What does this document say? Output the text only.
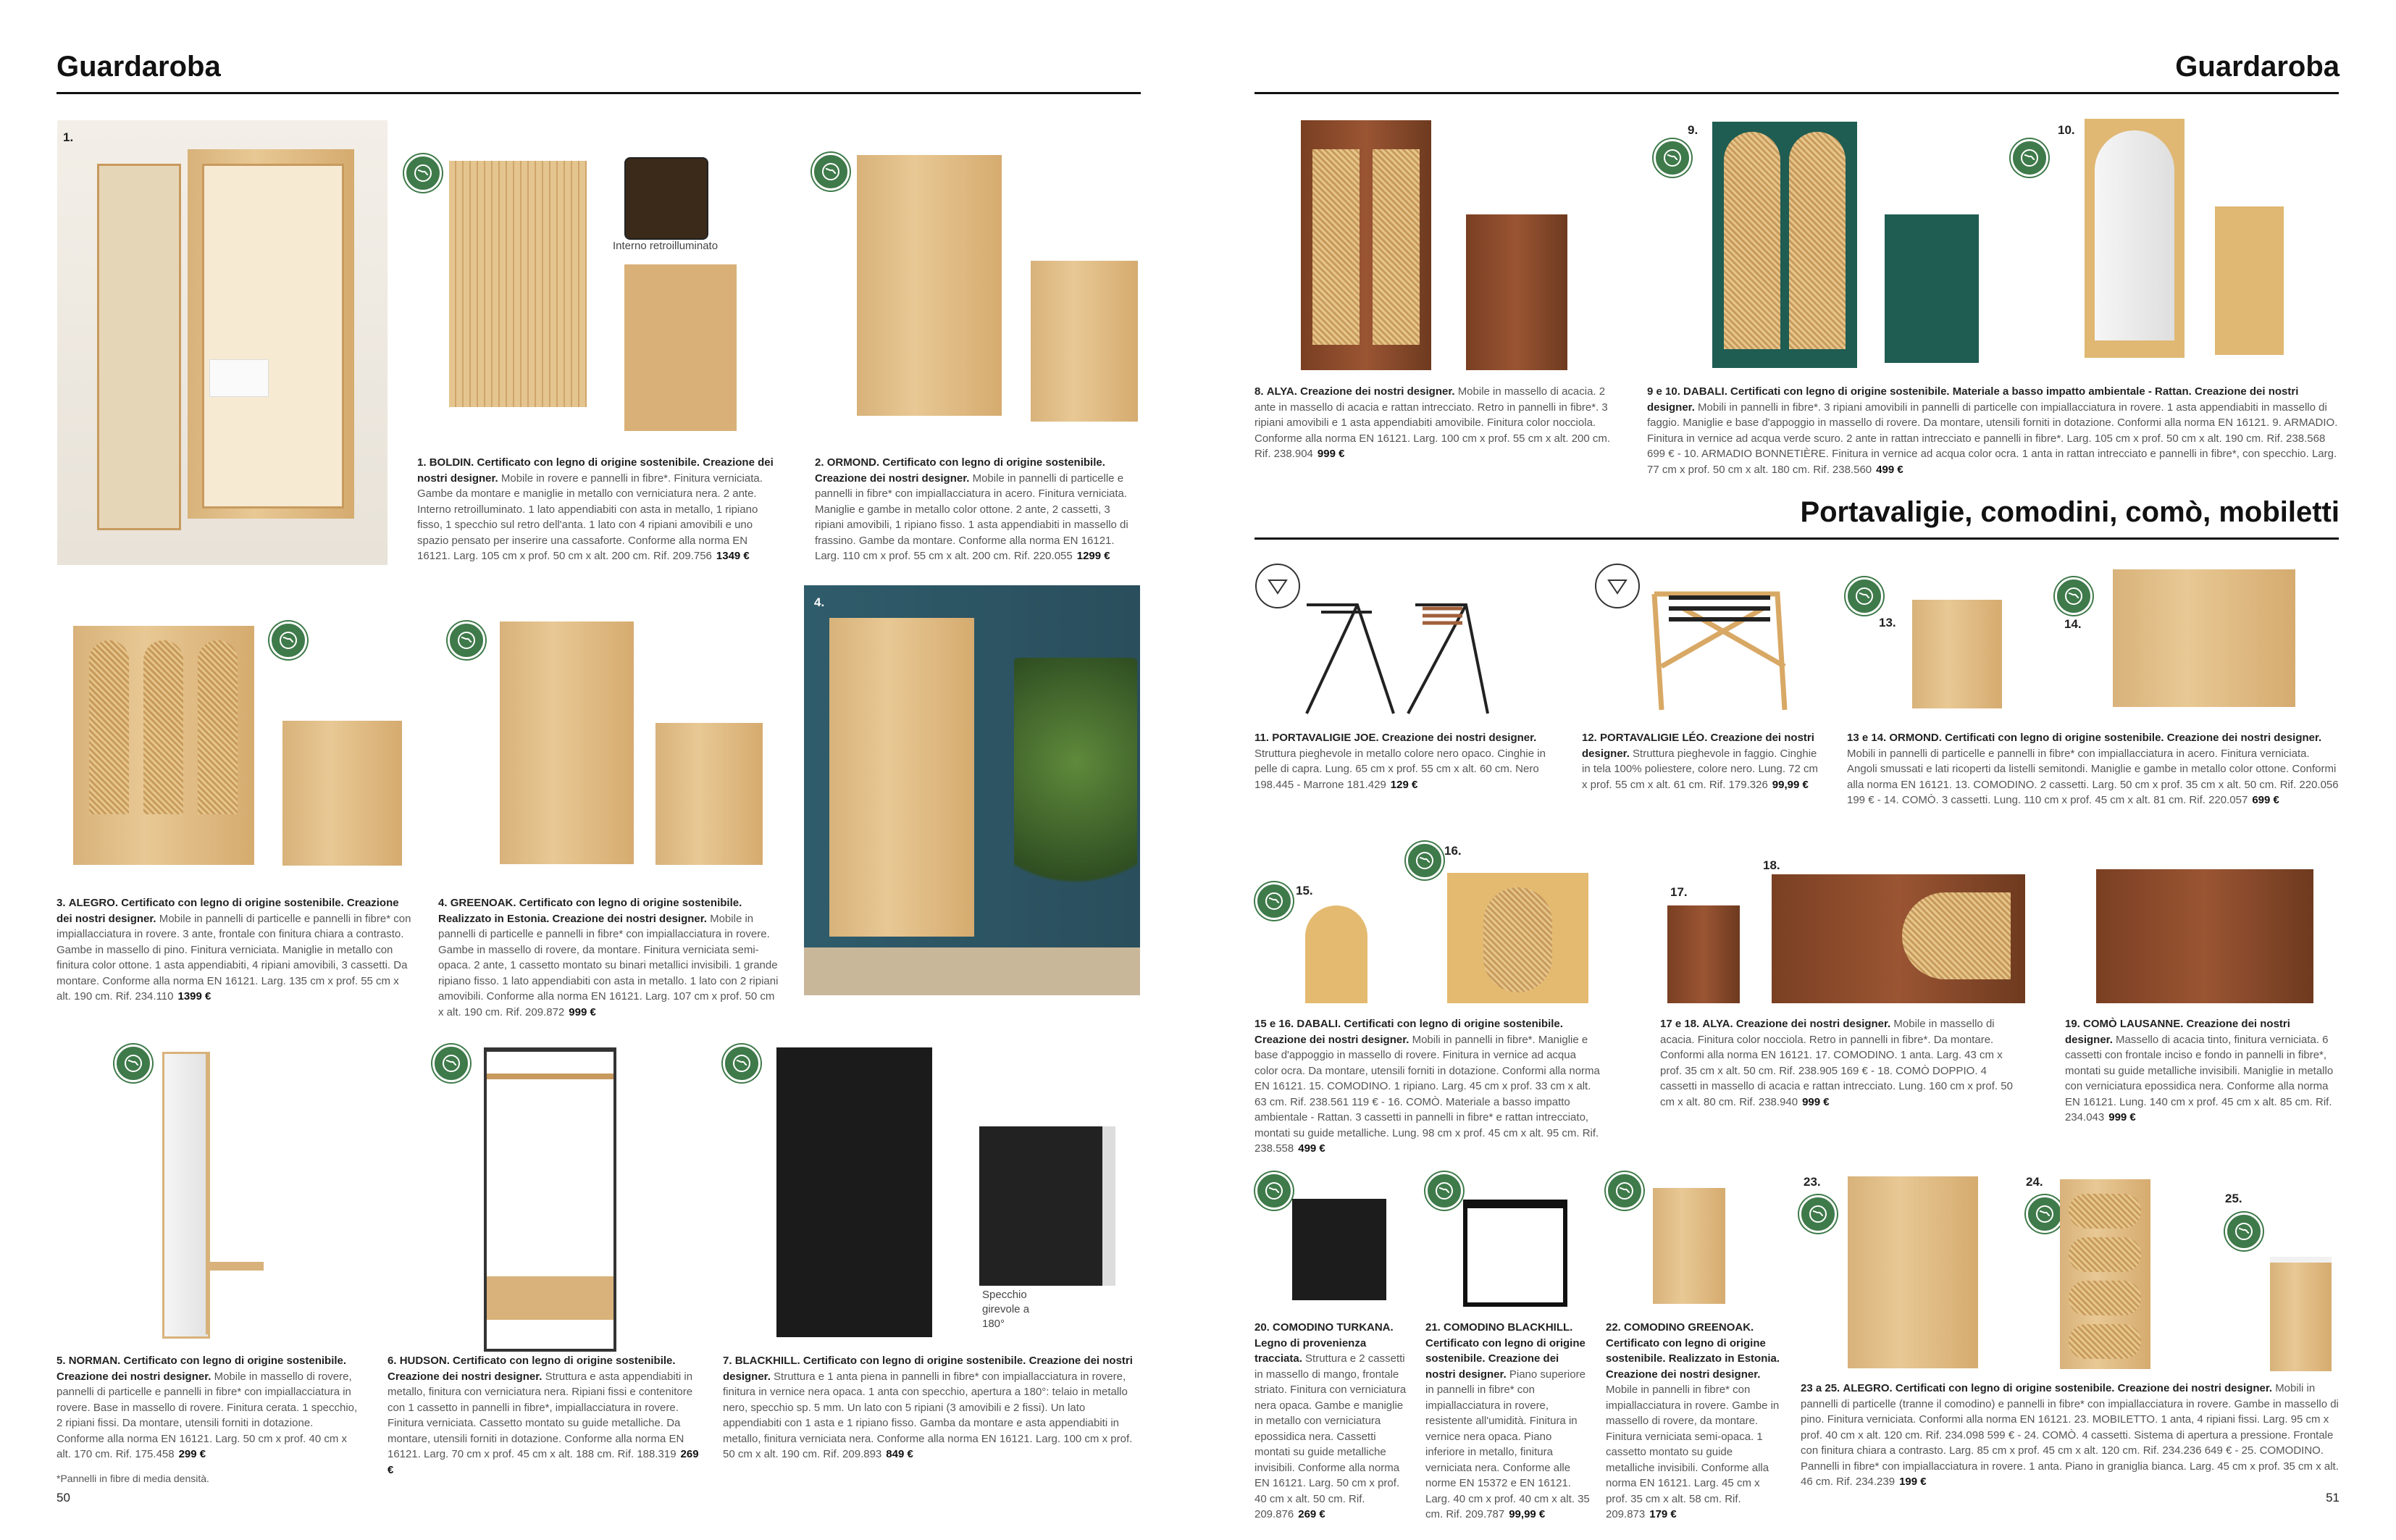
Guardaroba
1.
Interno retroilluminato
1. BOLDIN. Certificato con legno di origine sostenibile. Creazione dei nostri designer. Mobile in rovere e pannelli in fibre*. Finitura verniciata. Gambe da montare e maniglie in metallo con verniciatura nera. 2 ante. Interno retroilluminato. 1 lato appendiabiti con asta in metallo, 1 ripiano fisso, 1 specchio sul retro dell'anta. 1 lato con 4 ripiani amovibili e uno spazio pensato per inserire una cassaforte. Conforme alla norma EN 16121. Larg. 105 cm x prof. 50 cm x alt. 200 cm. Rif. 209.756 1349 €
2. ORMOND. Certificato con legno di origine sostenibile. Creazione dei nostri designer. Mobile in pannelli di particelle e pannelli in fibre* con impiallacciatura in acero. Finitura verniciata. Maniglie e gambe in metallo color ottone. 2 ante, 2 cassetti, 3 ripiani amovibili, 1 ripiano fisso. 1 asta appendiabiti in massello di frassino. Gambe da montare. Conforme alla norma EN 16121. Larg. 110 cm x prof. 55 cm x alt. 200 cm. Rif. 220.055 1299 €
3. ALEGRO. Certificato con legno di origine sostenibile. Creazione dei nostri designer. Mobile in pannelli di particelle e pannelli in fibre* con impiallacciatura in rovere. 3 ante, frontale con finitura chiara a contrasto. Gambe in massello di pino. Finitura verniciata. Maniglie in metallo con finitura color ottone. 1 asta appendiabiti, 4 ripiani amovibili, 3 cassetti. Da montare. Conforme alla norma EN 16121. Larg. 135 cm x prof. 55 cm x alt. 190 cm. Rif. 234.110 1399 €
4. GREENOAK. Certificato con legno di origine sostenibile. Realizzato in Estonia. Creazione dei nostri designer. Mobile in pannelli di particelle e pannelli in fibre* con impiallacciatura in rovere. Gambe in massello di rovere, da montare. Finitura verniciata semi-opaca. 2 ante, 1 cassetto montato su binari metallici invisibili. 1 grande ripiano fisso. 1 lato appendiabiti con asta in metallo. 1 lato con 2 ripiani amovibili. Conforme alla norma EN 16121. Larg. 107 cm x prof. 50 cm x alt. 190 cm. Rif. 209.872 999 €
4.
5. NORMAN. Certificato con legno di origine sostenibile. Creazione dei nostri designer. Mobile in massello di rovere, pannelli di particelle e pannelli in fibre* con impiallacciatura in rovere. Base in massello di rovere. Finitura cerata. 1 specchio, 2 ripiani fissi. Da montare, utensili forniti in dotazione. Conforme alla norma EN 16121. Larg. 50 cm x prof. 40 cm x alt. 170 cm. Rif. 175.458 299 €
6. HUDSON. Certificato con legno di origine sostenibile. Creazione dei nostri designer. Struttura e asta appendiabiti in metallo, finitura con verniciatura nera. Ripiani fissi e contenitore con 1 cassetto in pannelli in fibre*, impiallacciatura in rovere. Finitura verniciata. Cassetto montato su guide metalliche. Da montare, utensili forniti in dotazione. Conforme alla norma EN 16121. Larg. 70 cm x prof. 45 cm x alt. 188 cm. Rif. 188.319 269 €
Specchio girevole a 180°
7. BLACKHILL. Certificato con legno di origine sostenibile. Creazione dei nostri designer. Struttura e 1 anta piena in pannelli in fibre* con impiallacciatura in rovere, finitura in vernice nera opaca. 1 anta con specchio, apertura a 180°: telaio in metallo nero, specchio sp. 5 mm. Un lato con 5 ripiani (3 amovibili e 2 fissi). Un lato appendiabiti con 1 asta e 1 ripiano fisso. Gamba da montare e asta appendiabiti in metallo, finitura verniciata nera. Conforme alla norma EN 16121. Larg. 100 cm x prof. 50 cm x alt. 190 cm. Rif. 209.893 849 €
*Pannelli in fibre di media densità.
50
Guardaroba
8. ALYA. Creazione dei nostri designer. Mobile in massello di acacia. 2 ante in massello di acacia e rattan intrecciato. Retro in pannelli in fibre*. 3 ripiani amovibili e 1 asta appendiabiti amovibile. Finitura color nocciola. Conforme alla norma EN 16121. Larg. 100 cm x prof. 55 cm x alt. 200 cm. Rif. 238.904 999 €
9.	10.
9 e 10. DABALI. Certificati con legno di origine sostenibile. Materiale a basso impatto ambientale - Rattan. Creazione dei nostri designer. Mobili in pannelli in fibre*. 3 ripiani amovibili in pannelli di particelle con impiallacciatura in rovere. 1 asta appendiabiti in massello di faggio. Maniglie e base d'appoggio in massello di rovere. Da montare, utensili forniti in dotazione. Conformi alla norma EN 16121. 9. ARMADIO. Finitura in vernice ad acqua verde scuro. 2 ante in rattan intrecciato e pannelli in fibre*. Larg. 105 cm x prof. 50 cm x alt. 190 cm. Rif. 238.568 699 € - 10. ARMADIO BONNETIÈRE. Finitura in vernice ad acqua color ocra. 1 anta in rattan intrecciato e pannelli in fibre*, con specchio. Larg. 77 cm x prof. 50 cm x alt. 180 cm. Rif. 238.560 499 €
Portavaligie, comodini, comò, mobiletti
11. PORTAVALIGIE JOE. Creazione dei nostri designer. Struttura pieghevole in metallo colore nero opaco. Cinghie in pelle di capra. Lung. 65 cm x prof. 55 cm x alt. 60 cm. Nero 198.445 - Marrone 181.429 129 €
12. PORTAVALIGIE LÉO. Creazione dei nostri designer. Struttura pieghevole in faggio. Cinghie in tela 100% poliestere, colore nero. Lung. 72 cm x prof. 55 cm x alt. 61 cm. Rif. 179.326 99,99 €
13.	14.
13 e 14. ORMOND. Certificati con legno di origine sostenibile. Creazione dei nostri designer. Mobili in pannelli di particelle e pannelli in fibre* con impiallacciatura in acero. Finitura verniciata. Angoli smussati e lati ricoperti da listelli semitondi. Maniglie e gambe in metallo color ottone. Conformi alla norma EN 16121. 13. COMODINO. 2 cassetti. Larg. 50 cm x prof. 35 cm x alt. 50 cm. Rif. 220.056 199 € - 14. COMÒ. 3 cassetti. Lung. 110 cm x prof. 45 cm x alt. 81 cm. Rif. 220.057 699 €
15.
16.
15 e 16. DABALI. Certificati con legno di origine sostenibile. Creazione dei nostri designer. Mobili in pannelli in fibre*. Maniglie e base d'appoggio in massello di rovere. Finitura in vernice ad acqua color ocra. Da montare, utensili forniti in dotazione. Conformi alla norma EN 16121. 15. COMODINO. 1 ripiano. Larg. 45 cm x prof. 33 cm x alt. 63 cm. Rif. 238.561 119 € - 16. COMÒ. Materiale a basso impatto ambientale - Rattan. 3 cassetti in pannelli in fibre* e rattan intrecciato, montati su guide metalliche. Lung. 98 cm x prof. 45 cm x alt. 95 cm. Rif. 238.558 499 €
17.
18.
17 e 18. ALYA. Creazione dei nostri designer. Mobile in massello di acacia. Finitura color nocciola. Retro in pannelli in fibre*. Da montare. Conformi alla norma EN 16121. 17. COMODINO. 1 anta. Larg. 43 cm x prof. 35 cm x alt. 50 cm. Rif. 238.905 169 € - 18. COMÒ DOPPIO. 4 cassetti in massello di acacia e rattan intrecciato. Lung. 160 cm x prof. 50 cm x alt. 80 cm. Rif. 238.940 999 €
19. COMÒ LAUSANNE. Creazione dei nostri designer. Massello di acacia tinto, finitura verniciata. 6 cassetti con frontale inciso e fondo in pannelli in fibre*, montati su guide metalliche invisibili. Maniglie in metallo con verniciatura epossidica nera. Conforme alla norma EN 16121. Lung. 140 cm x prof. 45 cm x alt. 85 cm. Rif. 234.043 999 €
20. COMODINO TURKANA. Legno di provenienza tracciata. Struttura e 2 cassetti in massello di mango, frontale striato. Finitura con verniciatura nera opaca. Gambe e maniglie in metallo con verniciatura epossidica nera. Cassetti montati su guide metalliche invisibili. Conforme alla norma EN 16121. Larg. 50 cm x prof. 40 cm x alt. 50 cm. Rif. 209.876 269 €
21. COMODINO BLACKHILL. Certificato con legno di origine sostenibile. Creazione dei nostri designer. Piano superiore in pannelli in fibre* con impiallacciatura in rovere, resistente all'umidità. Finitura in vernice nera opaca. Piano inferiore in metallo, finitura verniciata nera. Conforme alle norme EN 15372 e EN 16121. Larg. 40 cm x prof. 40 cm x alt. 35 cm. Rif. 209.787 99,99 €
22. COMODINO GREENOAK. Certificato con legno di origine sostenibile. Realizzato in Estonia. Creazione dei nostri designer. Mobile in pannelli in fibre* con impiallacciatura in rovere. Gambe in massello di rovere, da montare. Finitura verniciata semi-opaca. 1 cassetto montato su guide metalliche invisibili. Conforme alla norma EN 16121. Larg. 45 cm x prof. 35 cm x alt. 58 cm. Rif. 209.873 179 €
23.	24.
25.
23 a 25. ALEGRO. Certificati con legno di origine sostenibile. Creazione dei nostri designer. Mobili in pannelli di particelle (tranne il comodino) e pannelli in fibre* con impiallacciatura in rovere. Gambe in massello di pino. Finitura verniciata. Conformi alla norma EN 16121. 23. MOBILETTO. 1 anta, 4 ripiani fissi. Larg. 95 cm x prof. 40 cm x alt. 120 cm. Rif. 234.098 599 € - 24. COMÒ. 4 cassetti. Sistema di apertura a pressione. Frontale con finitura chiara a contrasto. Larg. 85 cm x prof. 45 cm x alt. 120 cm. Rif. 234.236 649 € - 25. COMODINO. Pannelli in fibre* con impiallacciatura in rovere. 1 anta. Piano in graniglia bianca. Larg. 45 cm x prof. 35 cm x alt. 46 cm. Rif. 234.239 199 €
51
